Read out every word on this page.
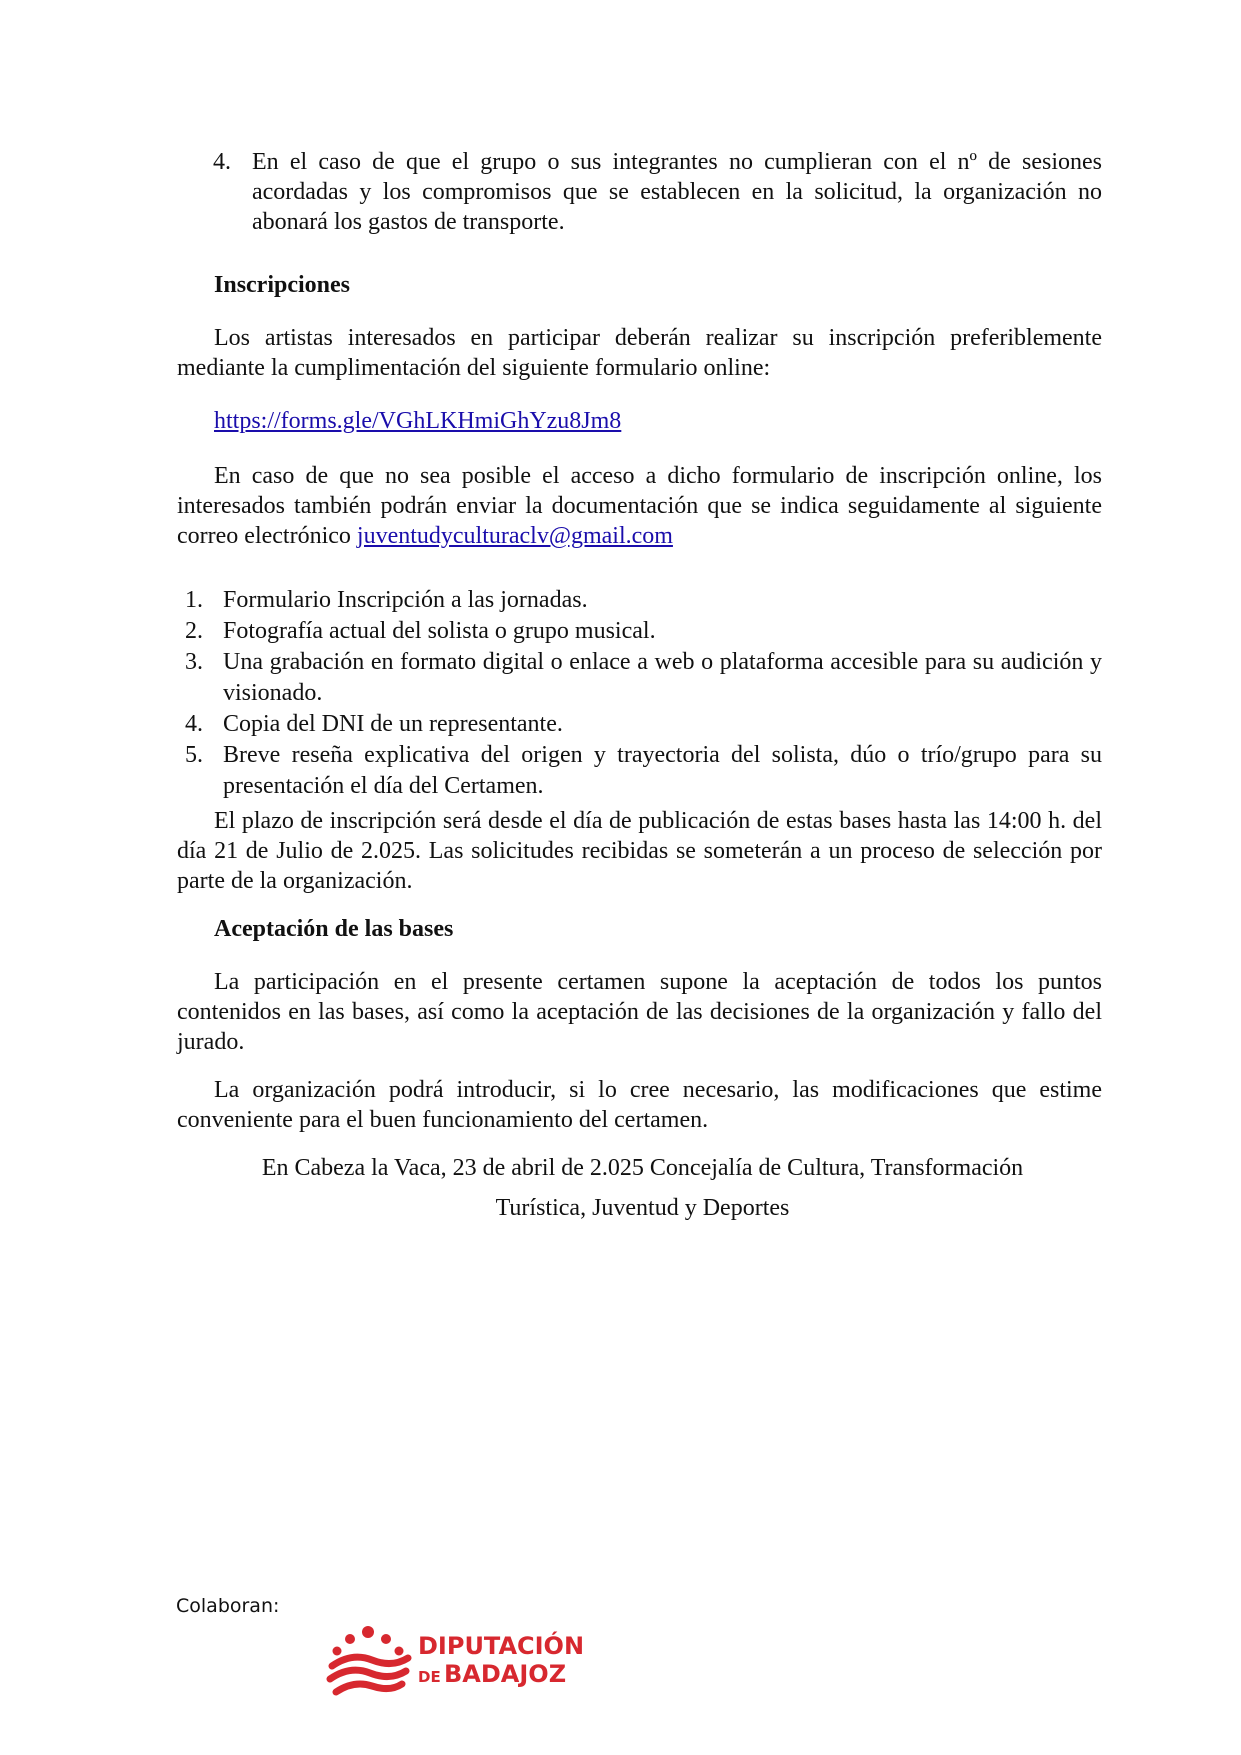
4. En el caso de que el grupo o sus integrantes no cumplieran con el nº de sesiones acordadas y los compromisos que se establecen en la solicitud, la organización no abonará los gastos de transporte.
Inscripciones

Los artistas interesados en participar deberán realizar su inscripción preferiblemente mediante la cumplimentación del siguiente formulario online:

https://forms.gle/VGhLKHmiGhYzu8Jm8

En caso de que no sea posible el acceso a dicho formulario de inscripción online, los interesados también podrán enviar la documentación que se indica seguidamente al siguiente correo electrónico juventudyculturaclv@gmail.com

1. Formulario Inscripción a las jornadas.
2. Fotografía actual del solista o grupo musical.
3. Una grabación en formato digital o enlace a web o plataforma accesible para su audición y visionado.
4. Copia del DNI de un representante.
5. Breve reseña explicativa del origen y trayectoria del solista, dúo o trío/grupo para su presentación el día del Certamen.

El plazo de inscripción será desde el día de publicación de estas bases hasta las 14:00 h. del día 21 de Julio de 2.025. Las solicitudes recibidas se someterán a un proceso de selección por parte de la organización.

Aceptación de las bases

La participación en el presente certamen supone la aceptación de todos los puntos contenidos en las bases, así como la aceptación de las decisiones de la organización y fallo del jurado.

La organización podrá introducir, si lo cree necesario, las modificaciones que estime conveniente para el buen funcionamiento del certamen.

En Cabeza la Vaca, 23 de abril de 2.025 Concejalía de Cultura, Transformación
Turística, Juventud y Deportes

Colaboran:
DIPUTACIÓN
DE BADAJOZ
